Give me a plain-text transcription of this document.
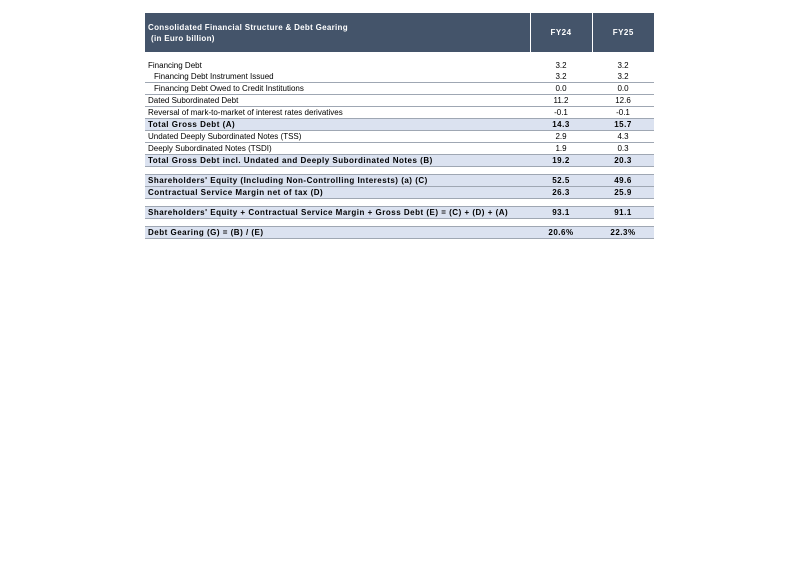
Consolidated Financial Structure & Debt Gearing
(in Euro billion)	FY24	FY25

Financing Debt	3.2	3.2
Financing Debt Instrument Issued	3.2	3.2
Financing Debt Owed to Credit Institutions	0.0	0.0
Dated Subordinated Debt	11.2	12.6
Reversal of mark-to-market of interest rates derivatives	-0.1	-0.1
Total Gross Debt (A)	14.3	15.7
Undated Deeply Subordinated Notes (TSS)	2.9	4.3
Deeply Subordinated Notes (TSDI)	1.9	0.3
Total Gross Debt incl. Undated and Deeply Subordinated Notes (B)	19.2	20.3

Shareholders' Equity (Including Non-Controlling Interests) (a) (C)	52.5	49.6
Contractual Service Margin net of tax (D)	26.3	25.9

Shareholders' Equity + Contractual Service Margin + Gross Debt (E) = (C) + (D) + (A)	93.1	91.1

Debt Gearing (G) = (B) / (E)	20.6%	22.3%
